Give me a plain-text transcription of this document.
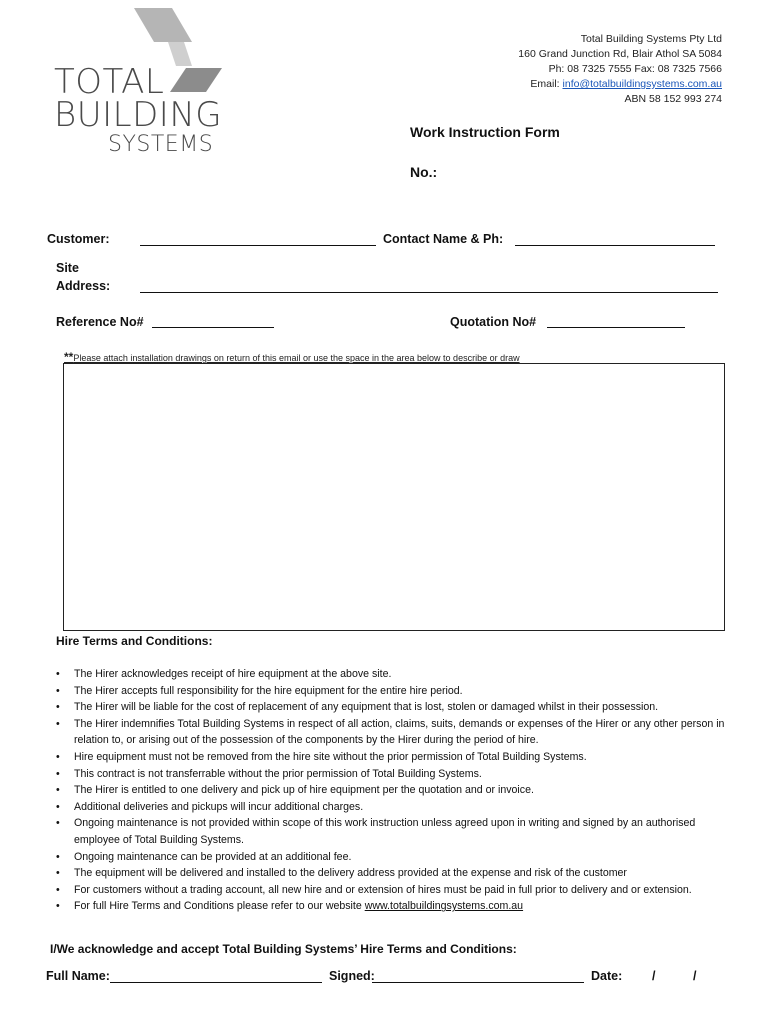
TOTAL
BUILDING
SYSTEMS
Total Building Systems Pty Ltd
160 Grand Junction Rd, Blair Athol SA 5084
Ph: 08 7325 7555 Fax: 08 7325 7566
Email: info@totalbuildingsystems.com.au
ABN 58 152 993 274
Work Instruction Form
No.:
Customer:	Contact Name & Ph:
Site
Address:
Reference No#	Quotation No#
**Please attach installation drawings on return of this email or use the space in the area below to describe or draw
Hire Terms and Conditions:
• The Hirer acknowledges receipt of hire equipment at the above site.
• The Hirer accepts full responsibility for the hire equipment for the entire hire period.
• The Hirer will be liable for the cost of replacement of any equipment that is lost, stolen or damaged whilst in their possession.
• The Hirer indemnifies Total Building Systems in respect of all action, claims, suits, demands or expenses of the Hirer or any other person in relation to, or arising out of the possession of the components by the Hirer during the period of hire.
• Hire equipment must not be removed from the hire site without the prior permission of Total Building Systems.
• This contract is not transferrable without the prior permission of Total Building Systems.
• The Hirer is entitled to one delivery and pick up of hire equipment per the quotation and or invoice.
• Additional deliveries and pickups will incur additional charges.
• Ongoing maintenance is not provided within scope of this work instruction unless agreed upon in writing and signed by an authorised employee of Total Building Systems.
• Ongoing maintenance can be provided at an additional fee.
• The equipment will be delivered and installed to the delivery address provided at the expense and risk of the customer
• For customers without a trading account, all new hire and or extension of hires must be paid in full prior to delivery and or extension.
• For full Hire Terms and Conditions please refer to our website www.totalbuildingsystems.com.au
I/We acknowledge and accept Total Building Systems’ Hire Terms and Conditions:
Full Name:	Signed:	Date: /	/
